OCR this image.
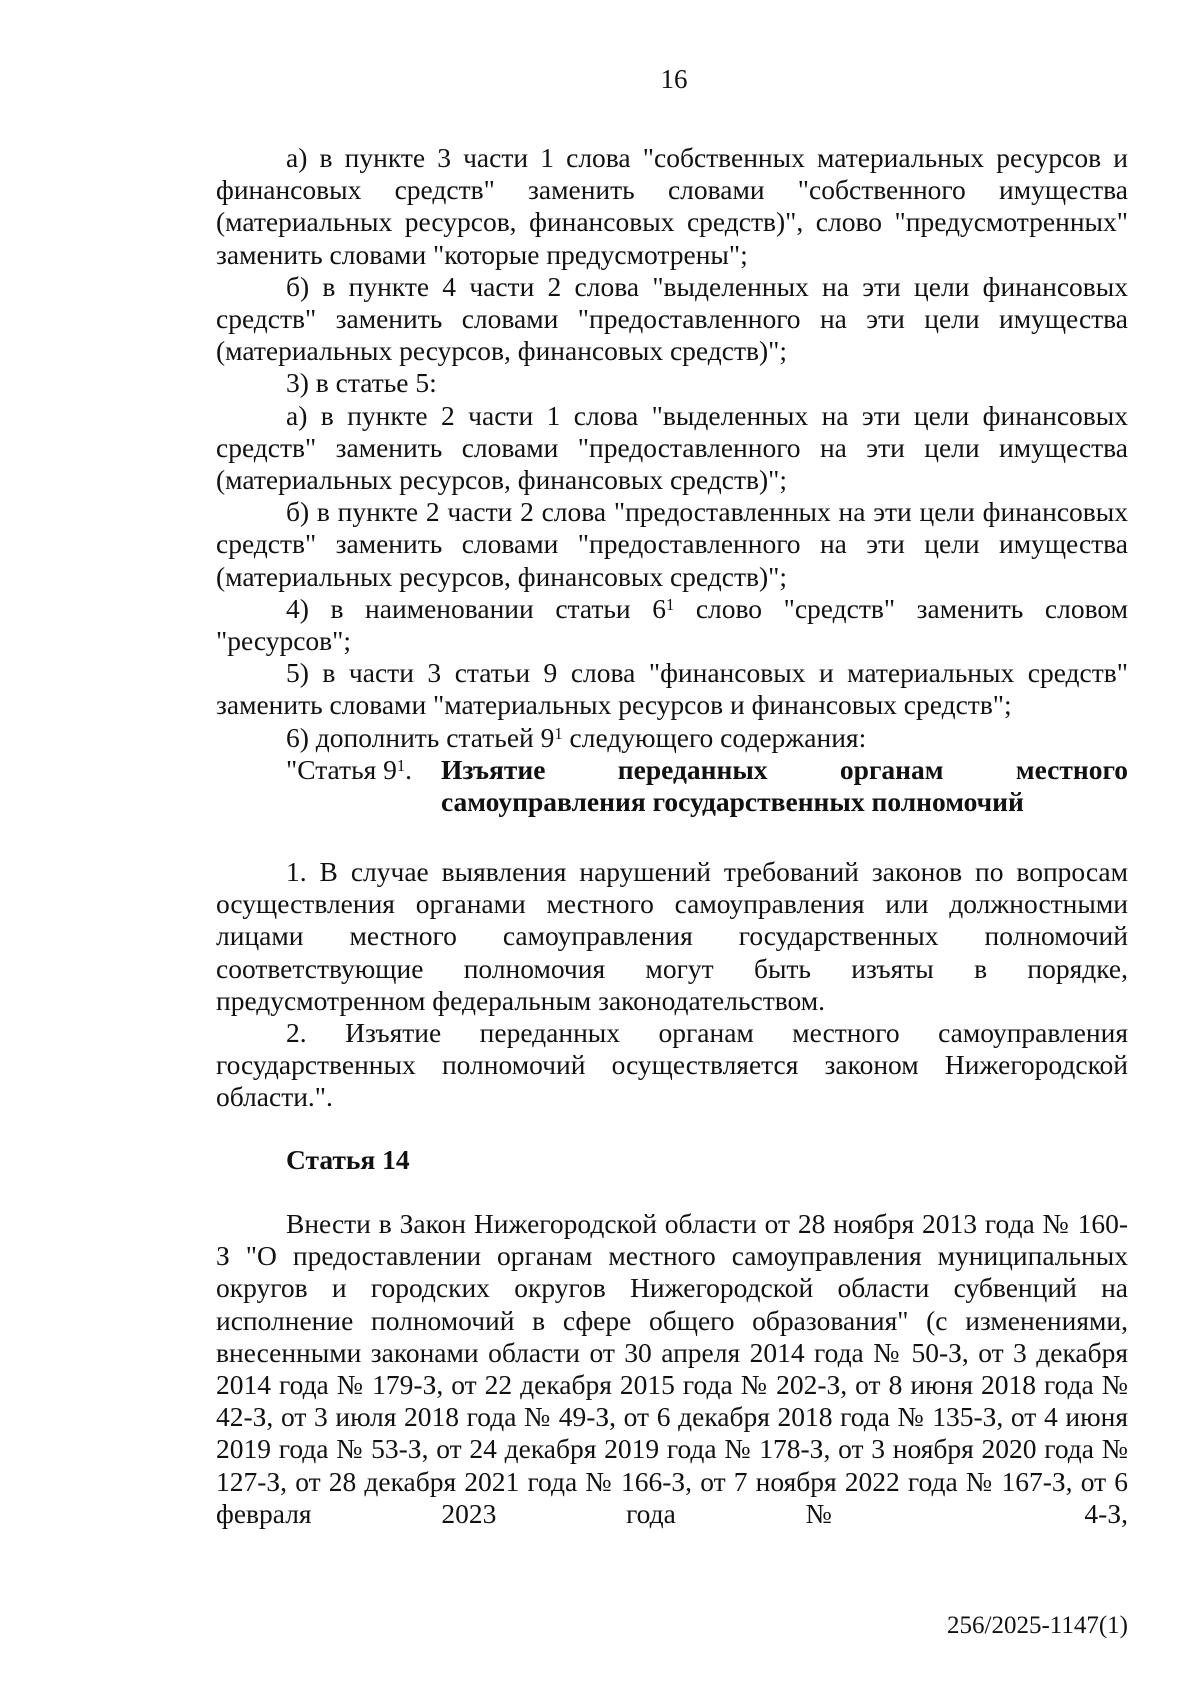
16

а) в пункте 3 части 1 слова "собственных материальных ресурсов и финансовых средств" заменить словами "собственного имущества (материальных ресурсов, финансовых средств)", слово "предусмотренных" заменить словами "которые предусмотрены";

б) в пункте 4 части 2 слова "выделенных на эти цели финансовых средств" заменить словами "предоставленного на эти цели имущества (материальных ресурсов, финансовых средств)";

3) в статье 5:

а) в пункте 2 части 1 слова "выделенных на эти цели финансовых средств" заменить словами "предоставленного на эти цели имущества (материальных ресурсов, финансовых средств)";

б) в пункте 2 части 2 слова "предоставленных на эти цели финансовых средств" заменить словами "предоставленного на эти цели имущества (материальных ресурсов, финансовых средств)";

4) в наименовании статьи $6^1$ слово "средств" заменить словом "ресурсов";

5) в части 3 статьи 9 слова "финансовых и материальных средств" заменить словами "материальных ресурсов и финансовых средств";

6) дополнить статьей $9^1$ следующего содержания:

"Статья $9^1$. Изъятие переданных органам местного
самоуправления государственных полномочий

1. В случае выявления нарушений требований законов по вопросам осуществления органами местного самоуправления или должностными лицами местного самоуправления государственных полномочий соответствующие полномочия могут быть изъяты в порядке, предусмотренном федеральным законодательством.

2. Изъятие переданных органам местного самоуправления государственных полномочий осуществляется законом Нижегородской области.".

Статья 14

Внести в Закон Нижегородской области от 28 ноября 2013 года № 160-З "О предоставлении органам местного самоуправления муниципальных округов и городских округов Нижегородской области субвенций на исполнение полномочий в сфере общего образования" (с изменениями, внесенными законами области от 30 апреля 2014 года № 50-З, от 3 декабря 2014 года № 179-З, от 22 декабря 2015 года № 202-З, от 8 июня 2018 года № 42-З, от 3 июля 2018 года № 49-З, от 6 декабря 2018 года № 135-З, от 4 июня 2019 года № 53-З, от 24 декабря 2019 года № 178-З, от 3 ноября 2020 года № 127-З, от 28 декабря 2021 года № 166-З, от 7 ноября 2022 года № 167-З, от 6 февраля 2023 года № 4-З,

256/2025-1147(1)
